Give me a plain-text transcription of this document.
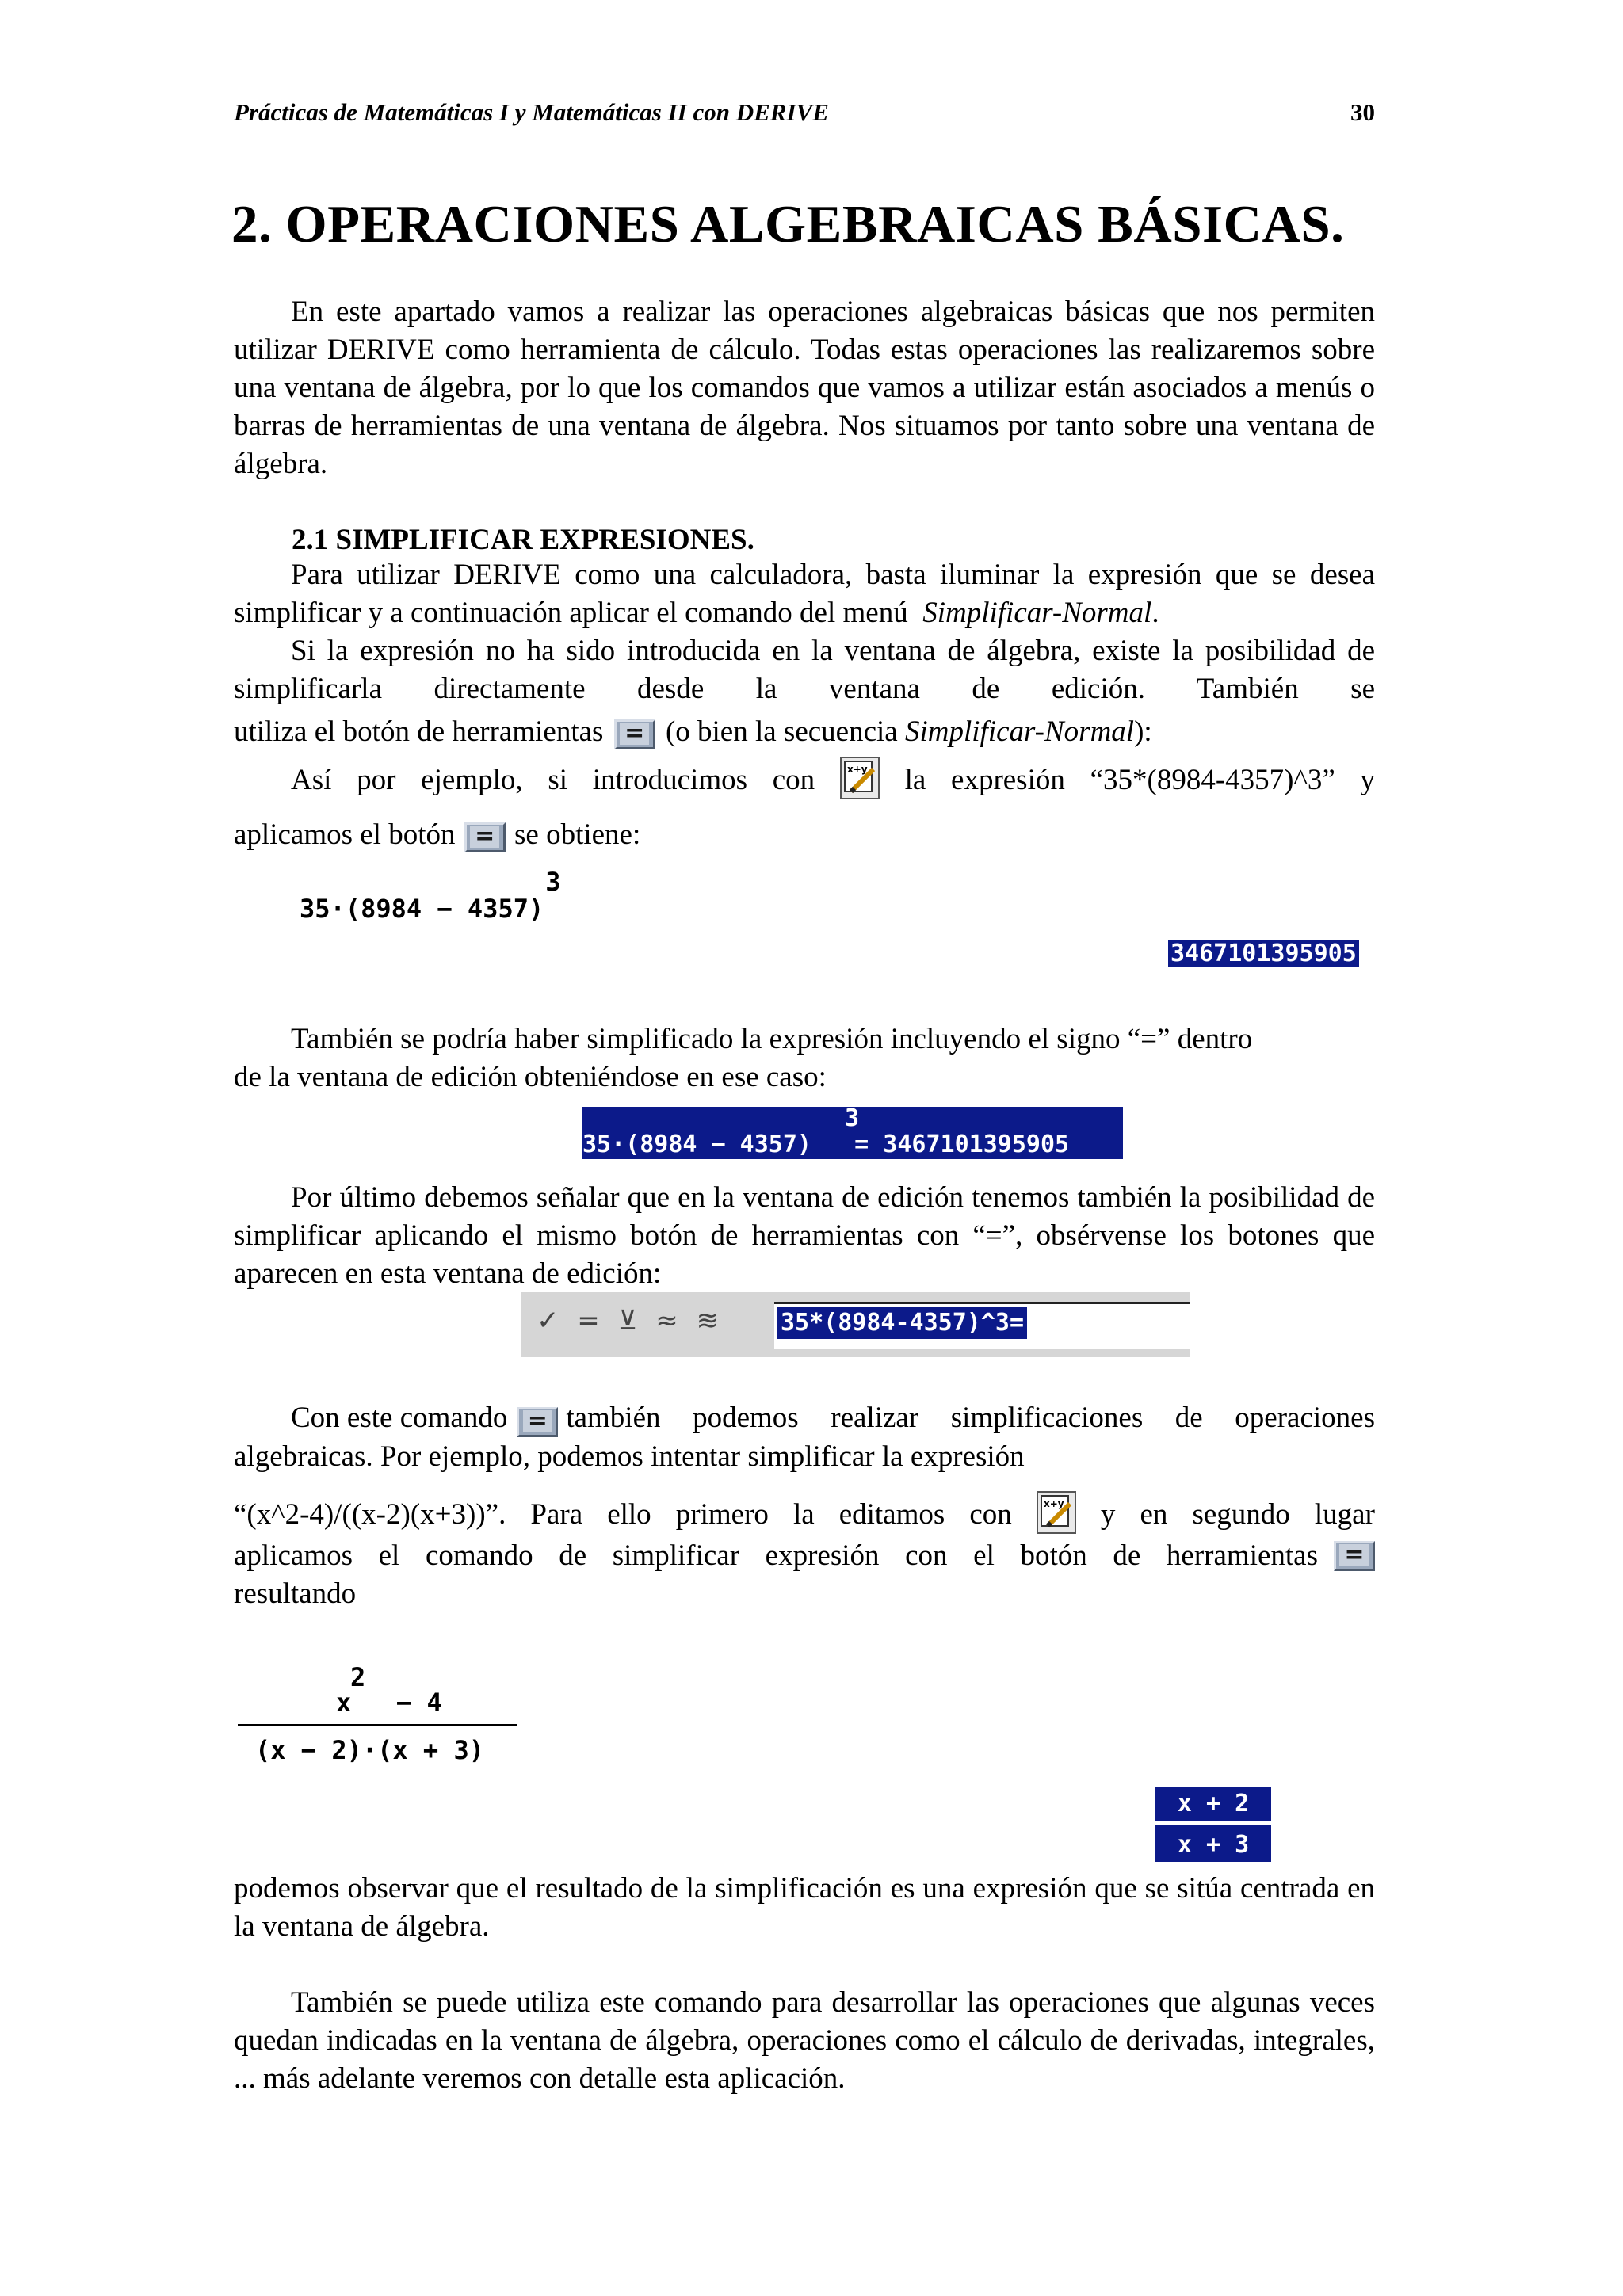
Prácticas de Matemáticas I y Matemáticas II con DERIVE	30
2. OPERACIONES ALGEBRAICAS BÁSICAS.

En este apartado vamos a realizar las operaciones algebraicas básicas que nos permiten utilizar DERIVE como herramienta de cálculo. Todas estas operaciones las realizaremos sobre una ventana de álgebra, por lo que los comandos que vamos a utilizar están asociados a menús o barras de herramientas de una ventana de álgebra. Nos situamos por tanto sobre una ventana de álgebra.

2.1 SIMPLIFICAR EXPRESIONES.

Para utilizar DERIVE como una calculadora, basta iluminar la expresión que se desea simplificar y a continuación aplicar el comando del menú Simplificar-Normal.

Si la expresión no ha sido introducida en la ventana de álgebra, existe la posibilidad de simplificarla directamente desde la ventana de edición. También se

utiliza el botón de herramientas = (o bien la secuencia Simplificar-Normal):
Así por ejemplo, si introducimos con	x+y la expresión “35*(8984-4357)^3” y
aplicamos el botón = se obtiene:
35·(8984 − 4357)3
3467101395905
También se podría haber simplificado la expresión incluyendo el signo “=” dentro
de la ventana de edición obteniéndose en ese caso:
3
35·(8984 − 4357) = 3467101395905

Por último debemos señalar que en la ventana de edición tenemos también la posibilidad de simplificar aplicando el mismo botón de herramientas con “=”, obsérvense los botones que aparecen en esta ventana de edición:

✓ = ⊻ ≈ ≋ 35*(8984-4357)^3=
Con este comando = también podemos realizar simplificaciones de operaciones
algebraicas. Por ejemplo, podemos intentar simplificar la expresión
“(x^2-4)/((x-2)(x+3))”. Para ello primero la editamos con	x+y y en segundo lugar
aplicamos el comando de simplificar expresión con el botón de herramientas	=
resultando
2
x − 4
(x − 2)·(x + 3)
x + 2
x + 3

podemos observar que el resultado de la simplificación es una expresión que se sitúa centrada en la ventana de álgebra.

También se puede utiliza este comando para desarrollar las operaciones que algunas veces quedan indicadas en la ventana de álgebra, operaciones como el cálculo de derivadas, integrales, ... más adelante veremos con detalle esta aplicación.
